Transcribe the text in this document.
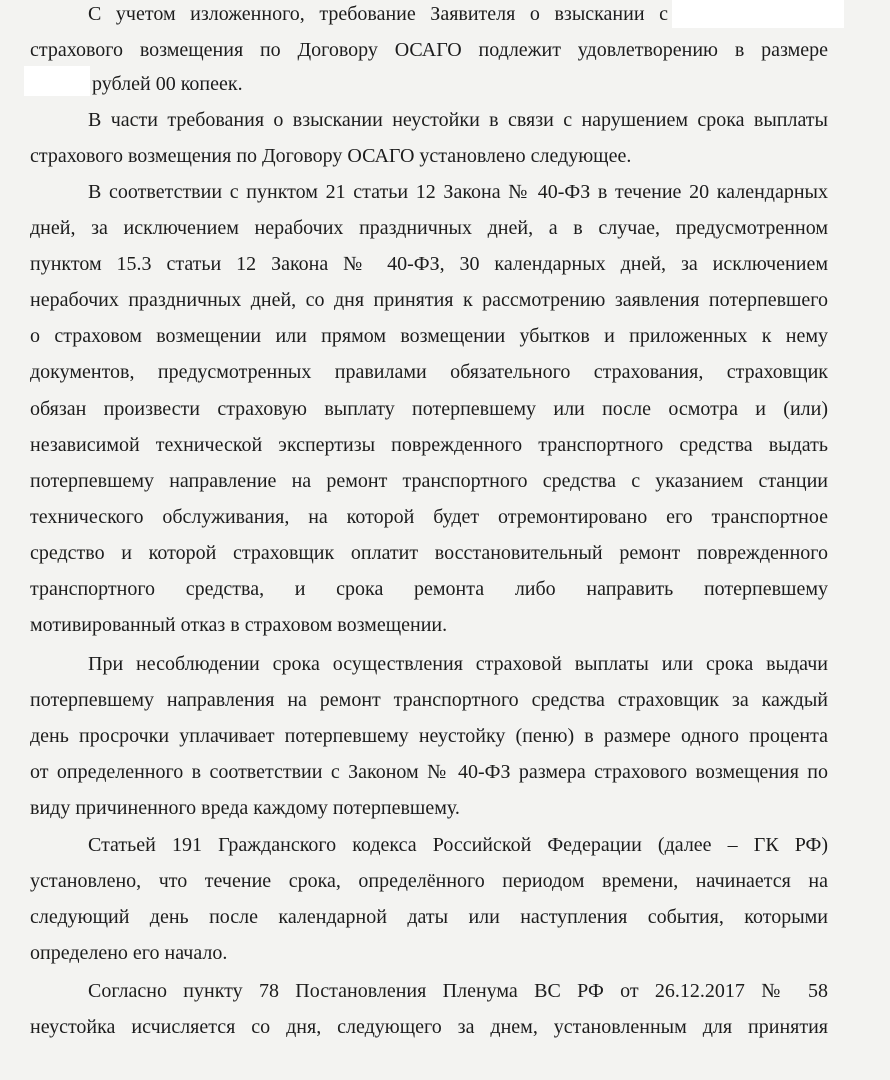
С учетом изложенного, требование Заявителя о взыскании с
страхового возмещения по Договору ОСАГО подлежит удовлетворению в размере
рублей 00 копеек.
В части требования о взыскании неустойки в связи с нарушением срока выплаты
страхового возмещения по Договору ОСАГО установлено следующее.
В соответствии с пунктом 21 статьи 12 Закона № 40-ФЗ в течение 20 календарных
дней, за исключением нерабочих праздничных дней, а в случае, предусмотренном
пунктом 15.3 статьи 12 Закона № 40-ФЗ, 30 календарных дней, за исключением
нерабочих праздничных дней, со дня принятия к рассмотрению заявления потерпевшего
о страховом возмещении или прямом возмещении убытков и приложенных к нему
документов, предусмотренных правилами обязательного страхования, страховщик
обязан произвести страховую выплату потерпевшему или после осмотра и (или)
независимой технической экспертизы поврежденного транспортного средства выдать
потерпевшему направление на ремонт транспортного средства с указанием станции
технического обслуживания, на которой будет отремонтировано его транспортное
средство и которой страховщик оплатит восстановительный ремонт поврежденного
транспортного средства, и срока ремонта либо направить потерпевшему
мотивированный отказ в страховом возмещении.
При несоблюдении срока осуществления страховой выплаты или срока выдачи
потерпевшему направления на ремонт транспортного средства страховщик за каждый
день просрочки уплачивает потерпевшему неустойку (пеню) в размере одного процента
от определенного в соответствии с Законом № 40-ФЗ размера страхового возмещения по
виду причиненного вреда каждому потерпевшему.
Статьей 191 Гражданского кодекса Российской Федерации (далее – ГК РФ)
установлено, что течение срока, определённого периодом времени, начинается на
следующий день после календарной даты или наступления события, которыми
определено его начало.
Согласно пункту 78 Постановления Пленума ВС РФ от 26.12.2017 № 58
неустойка исчисляется со дня, следующего за днем, установленным для принятия
